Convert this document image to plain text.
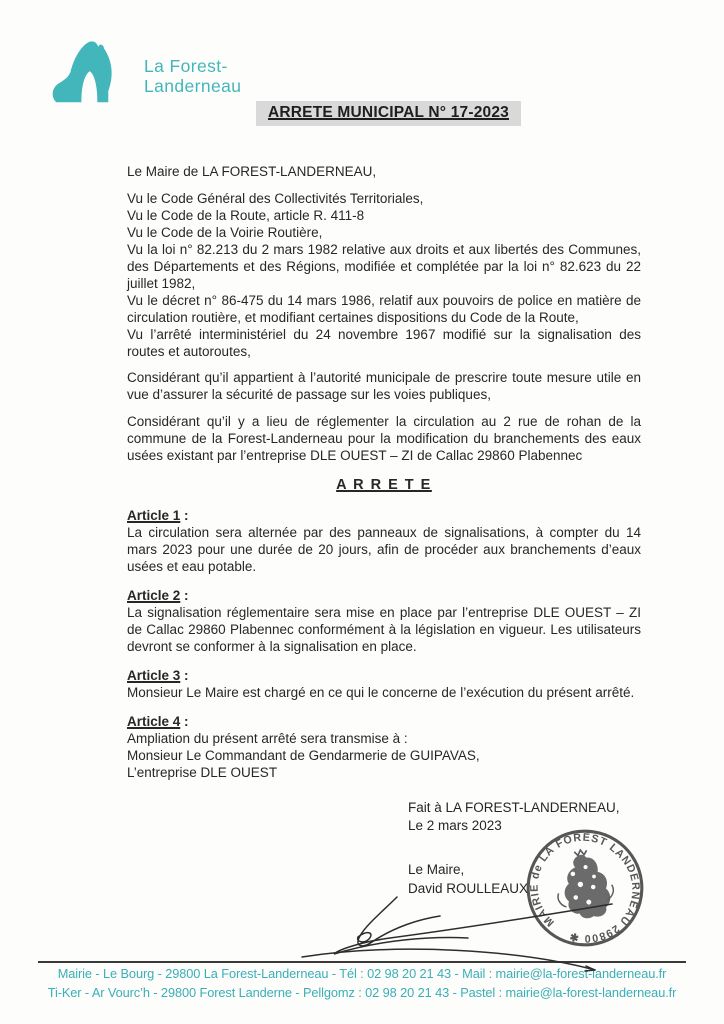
La Forest-
Landerneau
ARRETE MUNICIPAL N° 17-2023

Le Maire de LA FOREST-LANDERNEAU,

Vu le Code Général des Collectivités Territoriales,

Vu le Code de la Route, article R. 411-8

Vu le Code de la Voirie Routière,

Vu la loi n° 82.213 du 2 mars 1982 relative aux droits et aux libertés des Communes, des Départements et des Régions, modifiée et complétée par la loi n° 82.623 du 22 juillet 1982,

Vu le décret n° 86-475 du 14 mars 1986, relatif aux pouvoirs de police en matière de circulation routière, et modifiant certaines dispositions du Code de la Route,

Vu l’arrêté interministériel du 24 novembre 1967 modifié sur la signalisation des routes et autoroutes,

Considérant qu’il appartient à l’autorité municipale de prescrire toute mesure utile en vue d’assurer la sécurité de passage sur les voies publiques,

Considérant qu’il y a lieu de réglementer la circulation au 2 rue de rohan de la commune de la Forest-Landerneau pour la modification du branchements des eaux usées existant par l’entreprise DLE OUEST – ZI de Callac 29860 Plabennec

A R R E T E

Article 1 :

La circulation sera alternée par des panneaux de signalisations, à compter du 14 mars 2023 pour une durée de 20 jours, afin de procéder aux branchements d’eaux usées et eau potable.

Article 2 :

La signalisation réglementaire sera mise en place par l’entreprise DLE OUEST – ZI de Callac 29860 Plabennec conformément à la législation en vigueur. Les utilisateurs devront se conformer à la signalisation en place.

Article 3 :

Monsieur Le Maire est chargé en ce qui le concerne de l’exécution du présent arrêté.

Article 4 :

Ampliation du présent arrêté sera transmise à :

Monsieur Le Commandant de Gendarmerie de GUIPAVAS,

L’entreprise DLE OUEST

Fait à LA FOREST-LANDERNEAU,
Le 2 mars 2023
Le Maire,
David ROULLEAUX
MAIRIE de LA FOREST LANDERNEAU 29800 ✱
Mairie - Le Bourg - 29800 La Forest-Landerneau - Tél : 02 98 20 21 43 - Mail : mairie@la-forest-landerneau.fr
Ti-Ker - Ar Vourc’h - 29800 Forest Landerne - Pellgomz : 02 98 20 21 43 - Pastel : mairie@la-forest-landerneau.fr
